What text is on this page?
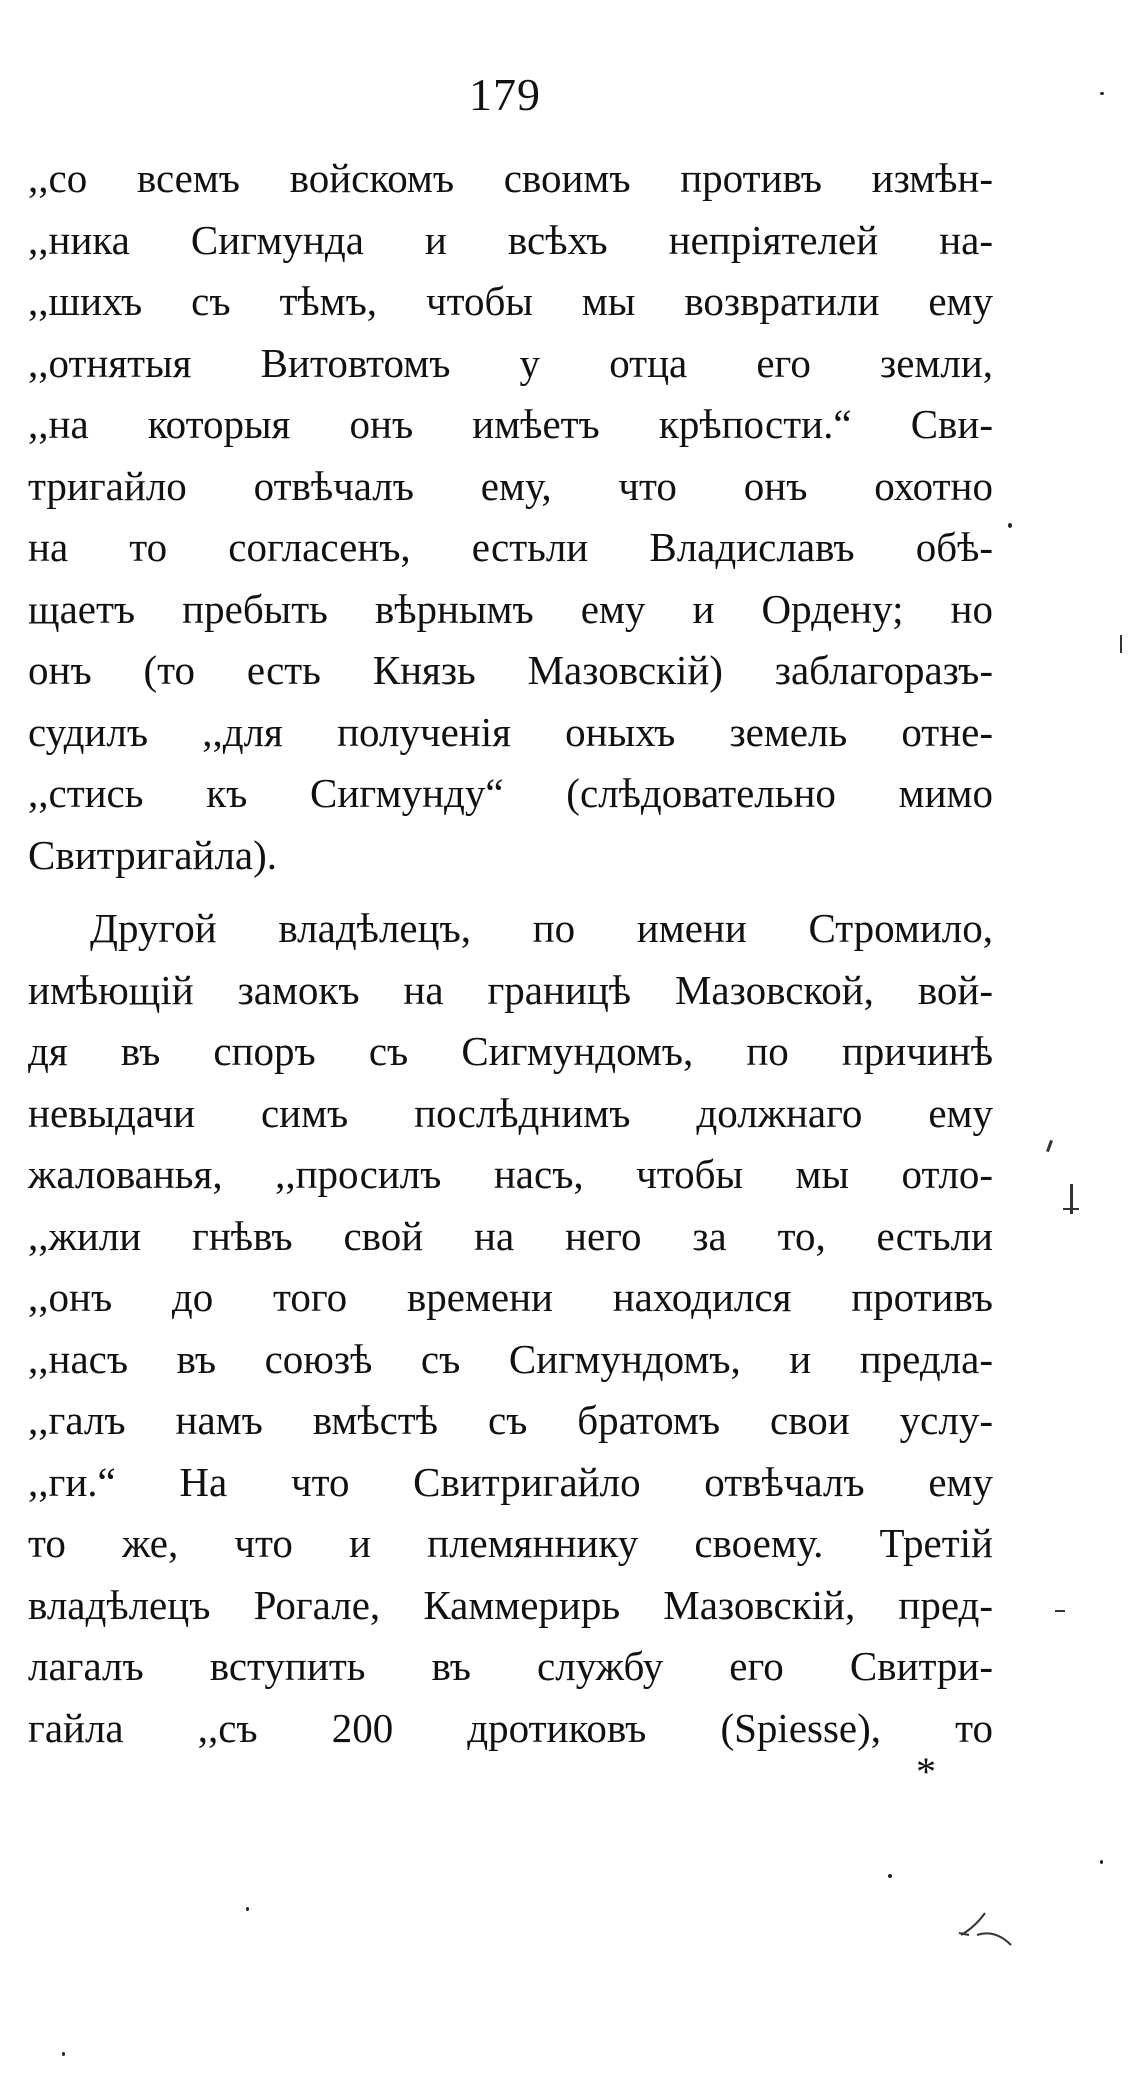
179
,,со всемъ войскомъ своимъ противъ измѣн-
,,ника Сигмунда и всѣхъ непріятелей на-
,,шихъ съ тѣмъ, чтобы мы возвратили ему
,,отнятыя Витовтомъ у отца его земли,
,,на которыя онъ имѣетъ крѣпости.“ Сви-
тригайло отвѣчалъ ему, что онъ охотно
на то согласенъ, естьли Владиславъ обѣ-
щаетъ пребыть вѣрнымъ ему и Ордену; но
онъ (то есть Князь Мазовскій) заблагоразъ-
судилъ ,,для полученія оныхъ земель отне-
,,стись къ Сигмунду“ (слѣдовательно мимо
Свитригайла).
Другой владѣлецъ, по имени Стромило,
имѣющій замокъ на границѣ Мазовской, вой-
дя въ споръ съ Сигмундомъ, по причинѣ
невыдачи симъ послѣднимъ должнаго ему
жалованья, ,,просилъ насъ, чтобы мы отло-
,,жили гнѣвъ свой на него за то, естьли
,,онъ до того времени находился противъ
,,насъ въ союзѣ съ Сигмундомъ, и предла-
,,галъ намъ вмѣстѣ съ братомъ свои услу-
,,ги.“ На что Свитригайло отвѣчалъ ему
то же, что и племяннику своему. Третій
владѣлецъ Рогале, Каммерирь Мазовскій, пред-
лагалъ вступить въ службу его Свитри-
гайла ,,съ 200 дротиковъ (Spiesse), то
*
